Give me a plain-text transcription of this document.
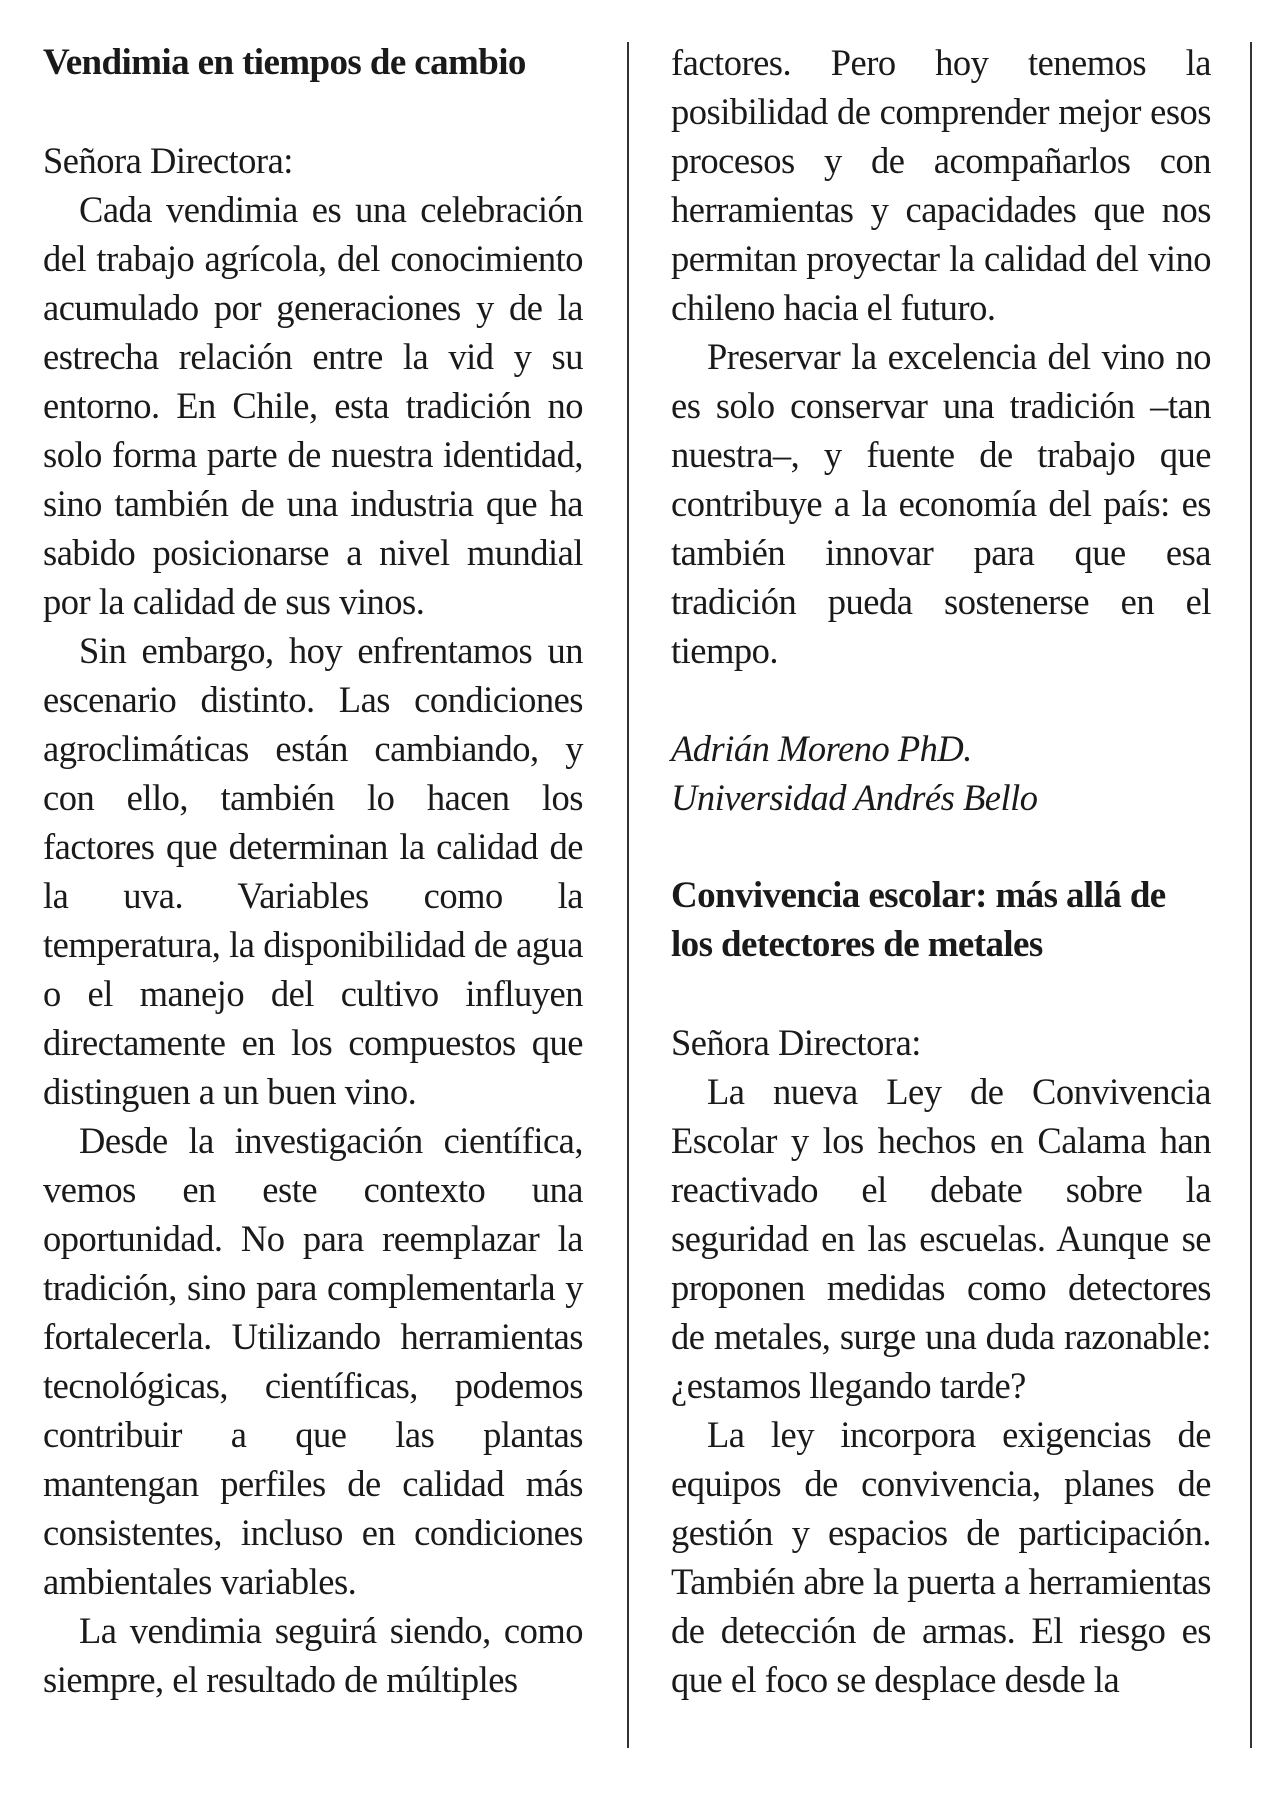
Vendimia en tiempos de cambio

Señora Directora:

Cada vendimia es una celebración del trabajo agrícola, del conocimiento acumulado por generaciones y de la estrecha relación entre la vid y su entorno. En Chile, esta tradición no solo forma parte de nuestra identidad, sino también de una industria que ha sabido posicionarse a nivel mundial por la calidad de sus vinos.

Sin embargo, hoy enfrentamos un escenario distinto. Las condiciones agroclimáticas están cambiando, y con ello, también lo hacen los factores que determinan la calidad de la uva. Variables como la temperatura, la disponibilidad de agua o el manejo del cultivo influyen directamente en los compuestos que distinguen a un buen vino.

Desde la investigación científica, vemos en este contexto una oportunidad. No para reemplazar la tradición, sino para complementarla y fortalecerla. Utilizando herramientas tecnológicas, científicas, podemos contribuir a que las plantas mantengan perfiles de calidad más consistentes, incluso en condiciones ambientales variables.

La vendimia seguirá siendo, como siempre, el resultado de múltiples

factores. Pero hoy tenemos la posibilidad de comprender mejor esos procesos y de acompañarlos con herramientas y capacidades que nos permitan proyectar la calidad del vino chileno hacia el futuro.

Preservar la excelencia del vino no es solo conservar una tradición –tan nuestra–, y fuente de trabajo que contribuye a la economía del país: es también innovar para que esa tradición pueda sostenerse en el tiempo.

Adrián Moreno PhD.

Universidad Andrés Bello

Convivencia escolar: más allá de los detectores de metales

Señora Directora:

La nueva Ley de Convivencia Escolar y los hechos en Calama han reactivado el debate sobre la seguridad en las escuelas. Aunque se proponen medidas como detectores de metales, surge una duda razonable: ¿estamos llegando tarde?

La ley incorpora exigencias de equipos de convivencia, planes de gestión y espacios de participación. También abre la puerta a herramientas de detección de armas. El riesgo es que el foco se desplace desde la
